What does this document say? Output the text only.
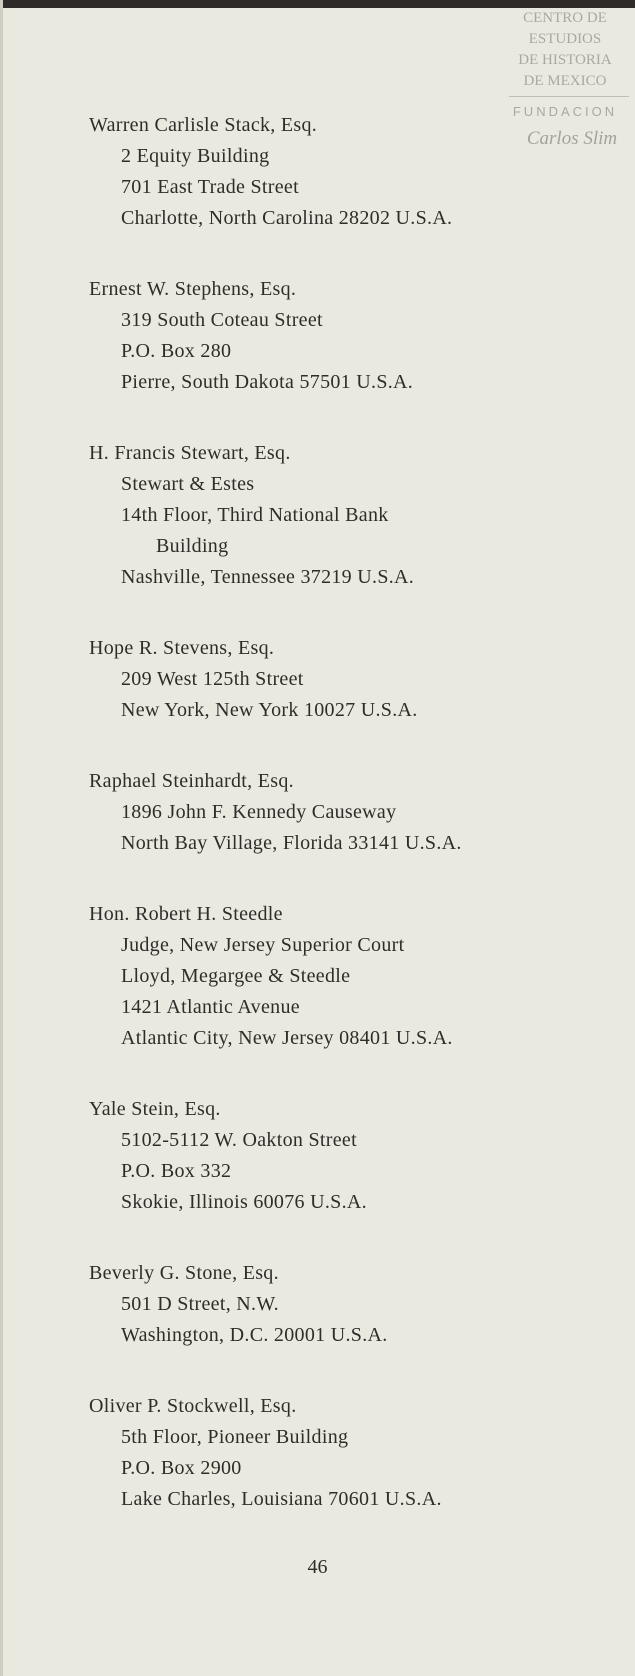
CENTRO DE
ESTUDIOS
DE HISTORIA
DE MEXICO
FUNDACION
Carlos Slim
Warren Carlisle Stack, Esq.
2 Equity Building
701 East Trade Street
Charlotte, North Carolina 28202 U.S.A.
Ernest W. Stephens, Esq.
319 South Coteau Street
P.O. Box 280
Pierre, South Dakota 57501 U.S.A.
H. Francis Stewart, Esq.
Stewart & Estes
14th Floor, Third National Bank
Building
Nashville, Tennessee 37219 U.S.A.
Hope R. Stevens, Esq.
209 West 125th Street
New York, New York 10027 U.S.A.
Raphael Steinhardt, Esq.
1896 John F. Kennedy Causeway
North Bay Village, Florida 33141 U.S.A.
Hon. Robert H. Steedle
Judge, New Jersey Superior Court
Lloyd, Megargee & Steedle
1421 Atlantic Avenue
Atlantic City, New Jersey 08401 U.S.A.
Yale Stein, Esq.
5102-5112 W. Oakton Street
P.O. Box 332
Skokie, Illinois 60076 U.S.A.
Beverly G. Stone, Esq.
501 D Street, N.W.
Washington, D.C. 20001 U.S.A.
Oliver P. Stockwell, Esq.
5th Floor, Pioneer Building
P.O. Box 2900
Lake Charles, Louisiana 70601 U.S.A.
46
